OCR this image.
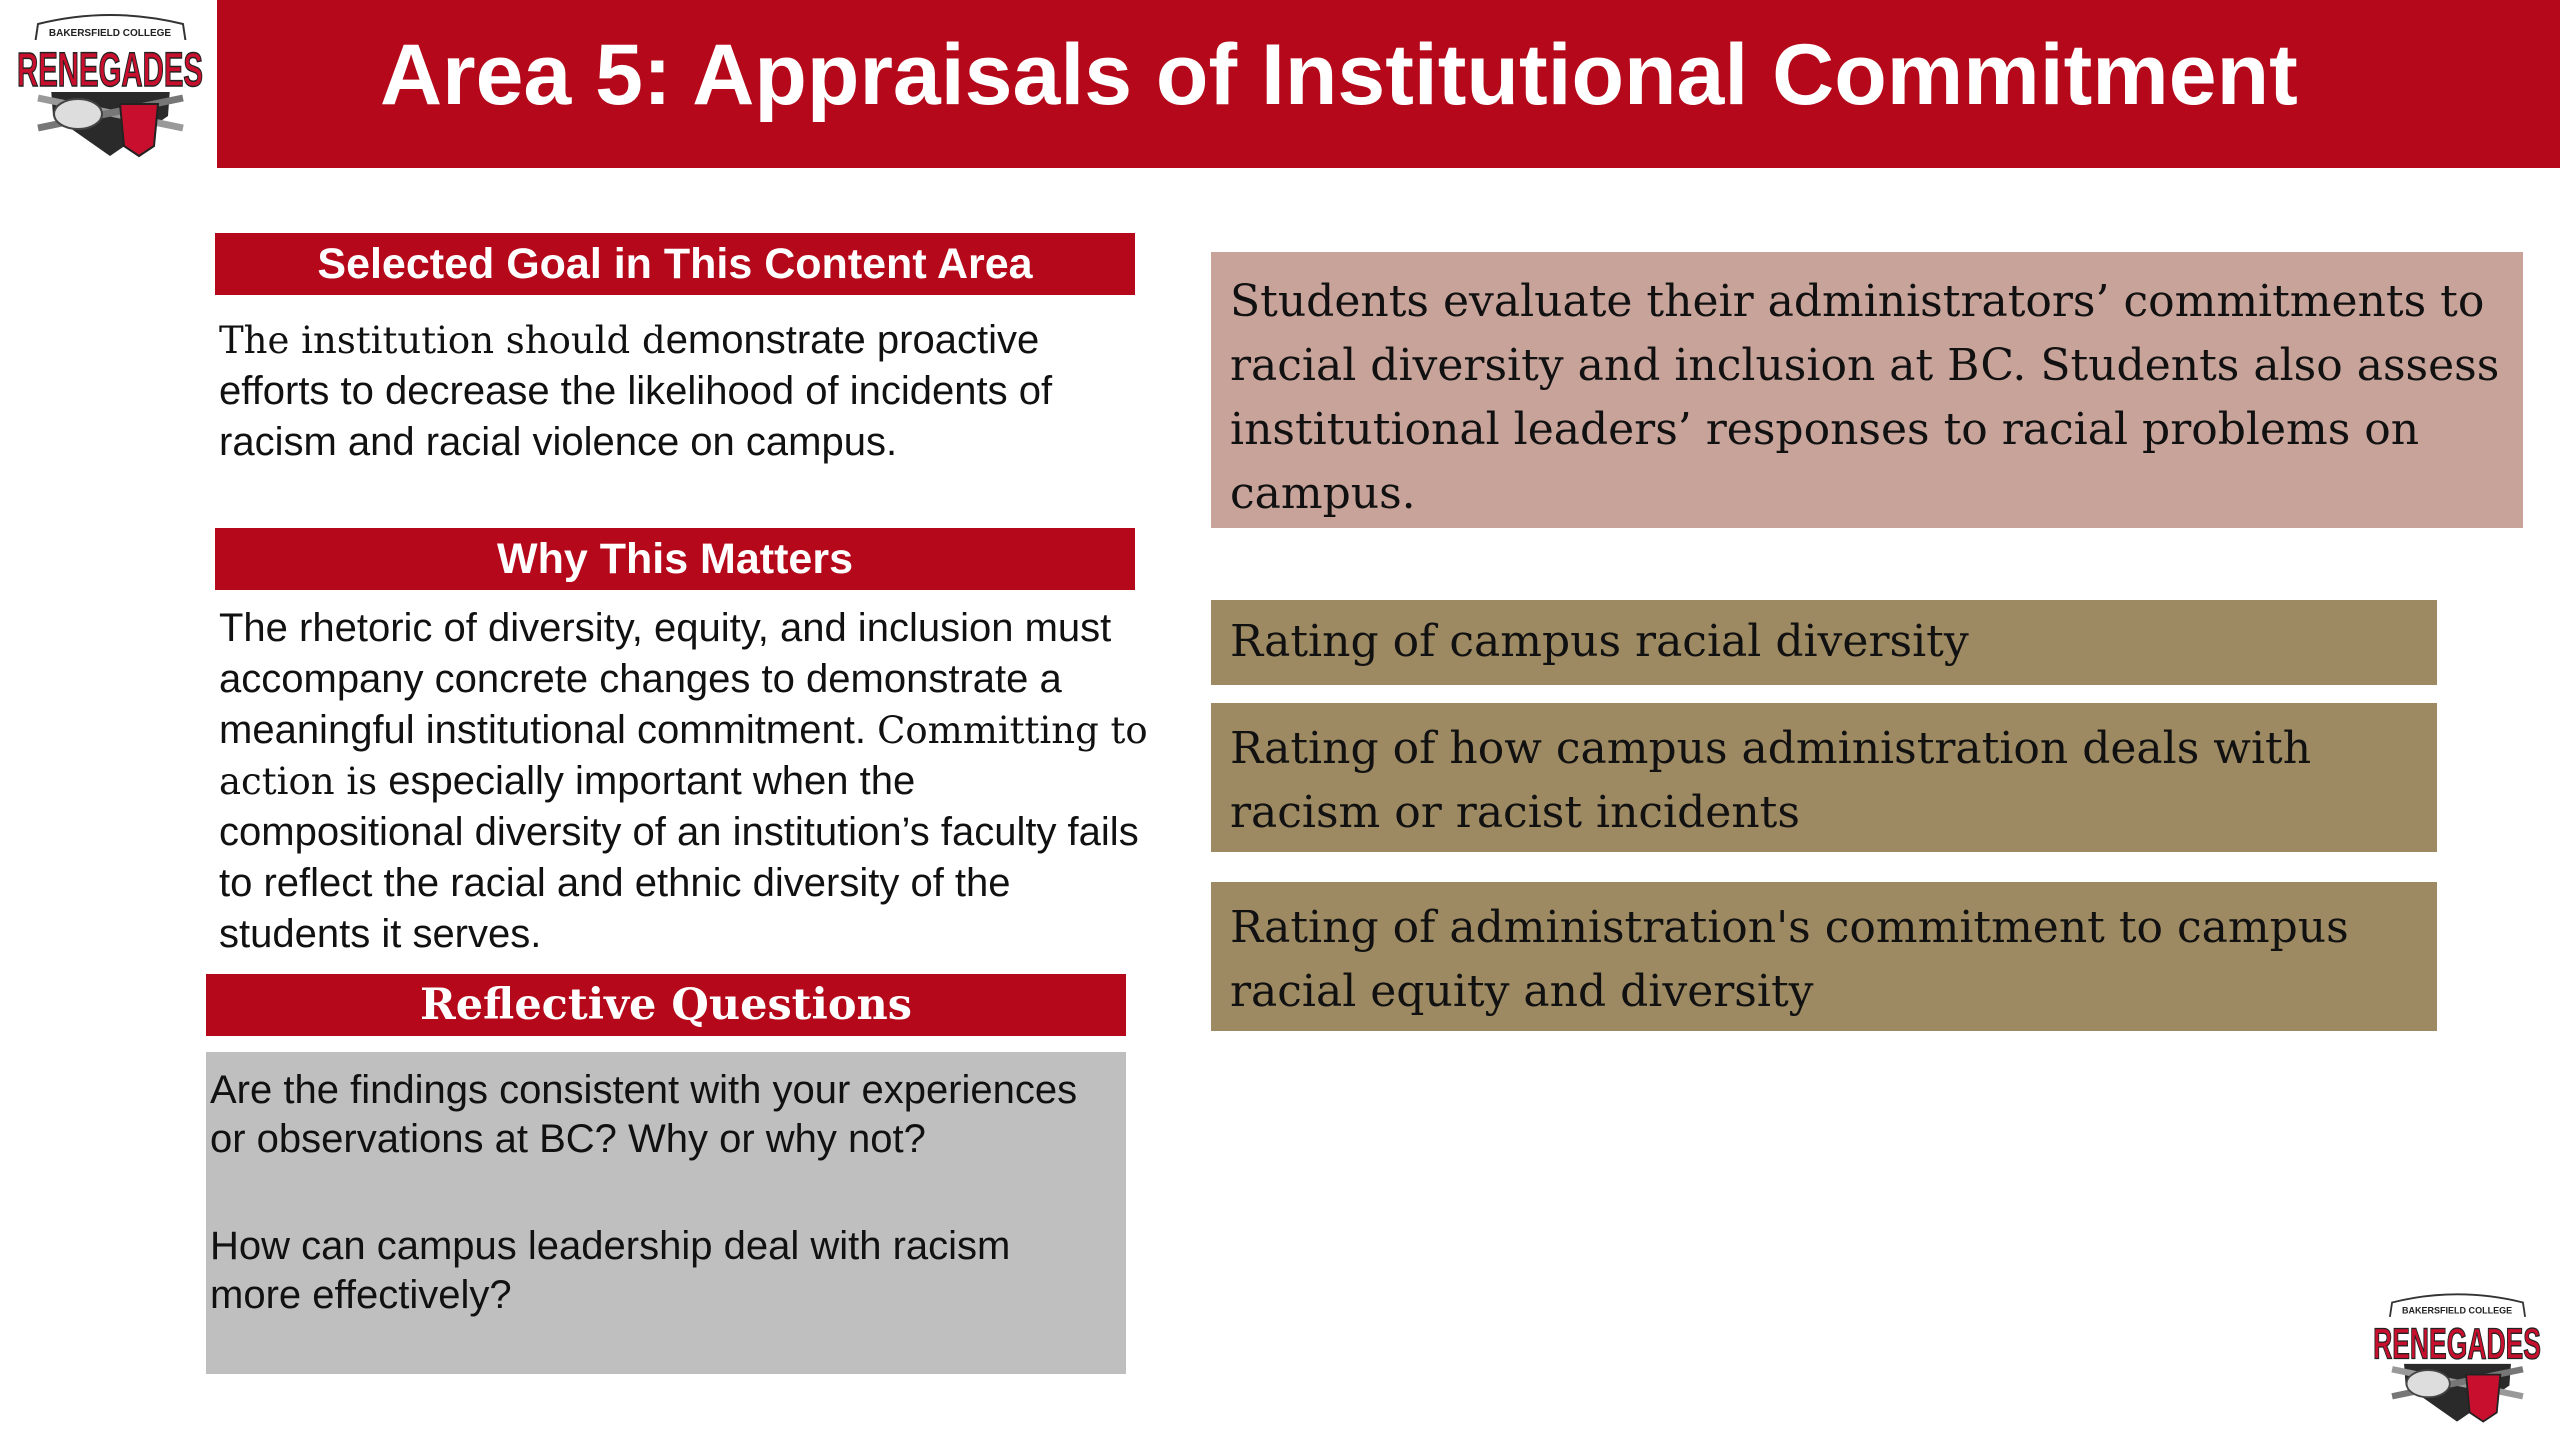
BAKERSFIELD COLLEGE
RENEGADES Area 5: Appraisals of Institutional Commitment
Selected Goal in This Content Area
The institution should demonstrate proactive efforts to decrease the likelihood of incidents of racism and racial violence on campus.
Why This Matters
The rhetoric of diversity, equity, and inclusion must accompany concrete changes to demonstrate a meaningful institutional commitment. Committing to action is especially important when the compositional diversity of an institution’s faculty fails to reflect the racial and ethnic diversity of the students it serves.
Reflective Questions
Are the findings consistent with your experiences or observations at BC? Why or why not?
How can campus leadership deal with racism more effectively?
Students evaluate their administrators’ commitments to racial diversity and inclusion at BC. Students also assess institutional leaders’ responses to racial problems on campus.
Rating of campus racial diversity
Rating of how campus administration deals with racism or racist incidents
Rating of administration's commitment to campus racial equity and diversity
BAKERSFIELD COLLEGE
RENEGADES
